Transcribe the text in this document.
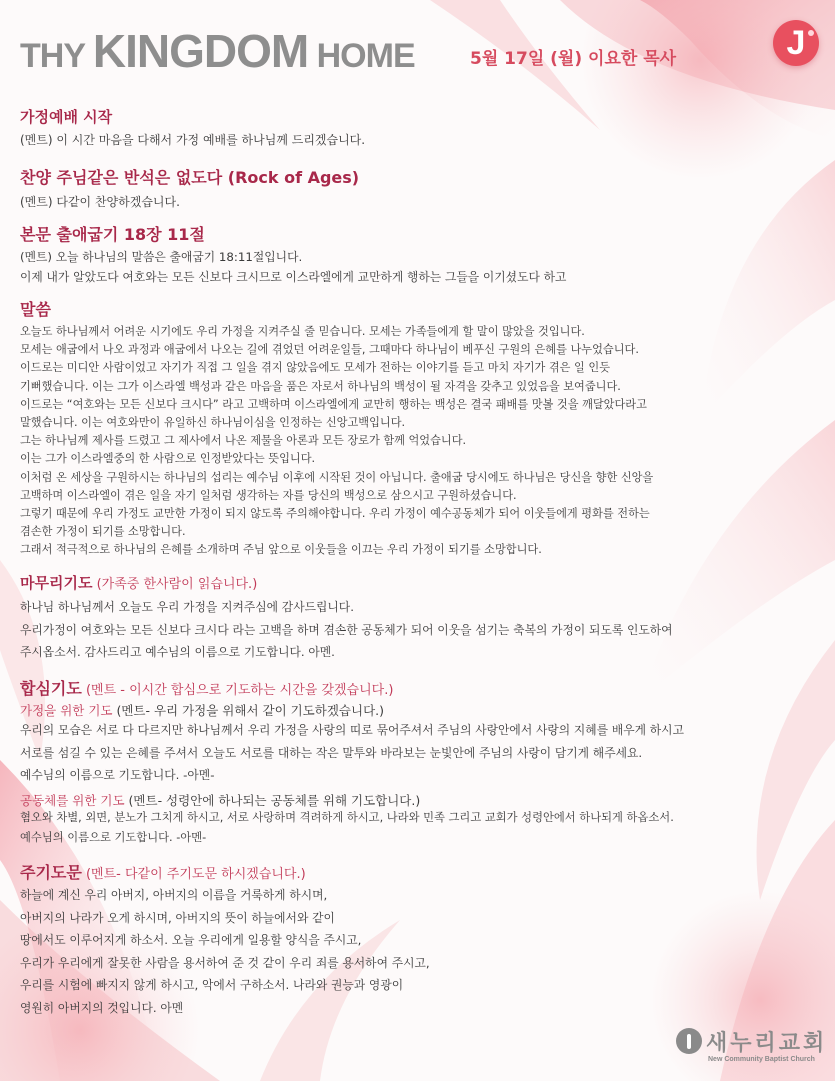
THY KINGDOM HOME	5월 17일 (월) 이요한 목사	J
가정예배 시작
(멘트) 이 시간 마음을 다해서 가정 예배를 하나님께 드리겠습니다.
찬양 주님같은 반석은 없도다 (Rock of Ages)
(멘트) 다같이 찬양하겠습니다.
본문 출애굽기 18장 11절
(멘트) 오늘 하나님의 말씀은 출애굽기 18:11절입니다.
이제 내가 알았도다 여호와는 모든 신보다 크시므로 이스라엘에게 교만하게 행하는 그들을 이기셨도다 하고
말씀
오늘도 하나님께서 어려운 시기에도 우리 가정을 지켜주실 줄 믿습니다. 모세는 가족들에게 할 말이 많았을 것입니다.
모세는 애굽에서 나오 과정과 애굽에서 나오는 길에 겪었던 어려운일들, 그때마다 하나님이 베푸신 구원의 은혜를 나누었습니다.
이드로는 미디안 사람이었고 자기가 직접 그 일을 겪지 않았음에도 모세가 전하는 이야기를 듣고 마치 자기가 겪은 일 인듯
기뻐했습니다. 이는 그가 이스라엘 백성과 같은 마음을 품은 자로서 하나님의 백성이 될 자격을 갖추고 있었음을 보여줍니다.
이드로는 “여호와는 모든 신보다 크시다” 라고 고백하며 이스라엘에게 교만히 행하는 백성은 결국 패배를 맛볼 것을 깨달았다라고
말했습니다. 이는 여호와만이 유일하신 하나님이심을 인정하는 신앙고백입니다.
그는 하나님께 제사를 드렸고 그 제사에서 나온 제물을 아론과 모든 장로가 함께 억었습니다.
이는 그가 이스라엘중의 한 사람으로 인정받았다는 뜻입니다.
이처럼 온 세상을 구원하시는 하나님의 섭리는 예수님 이후에 시작된 것이 아닙니다. 출애굽 당시에도 하나님은 당신을 향한 신앙을
고백하며 이스라엘이 겪은 일을 자기 일처럼 생각하는 자를 당신의 백성으로 삼으시고 구원하셨습니다.
그렇기 때문에 우리 가정도 교만한 가정이 되지 않도록 주의해야합니다. 우리 가정이 예수공동체가 되어 이웃들에게 평화를 전하는
겸손한 가정이 되기를 소망합니다.
그래서 적극적으로 하나님의 은혜를 소개하며 주님 앞으로 이웃들을 이끄는 우리 가정이 되기를 소망합니다.
마무리기도 (가족중 한사람이 읽습니다.)
하나님 하나님께서 오늘도 우리 가정을 지켜주심에 감사드립니다.
우리가정이 여호와는 모든 신보다 크시다 라는 고백을 하며 겸손한 공동체가 되어 이웃을 섬기는 축복의 가정이 되도록 인도하여
주시옵소서. 감사드리고 예수님의 이름으로 기도합니다. 아멘.
합심기도 (멘트 - 이시간 합심으로 기도하는 시간을 갖겠습니다.)
가정을 위한 기도 (멘트- 우리 가정을 위해서 같이 기도하겠습니다.)
우리의 모습은 서로 다 다르지만 하나님께서 우리 가정을 사랑의 띠로 묶어주셔서 주님의 사랑안에서 사랑의 지혜를 배우게 하시고
서로를 섬길 수 있는 은혜를 주셔서 오늘도 서로를 대하는 작은 말투와 바라보는 눈빛안에 주님의 사랑이 담기게 해주세요.
예수님의 이름으로 기도합니다. -아멘-
공동체를 위한 기도 (멘트- 성령안에 하나되는 공동체를 위해 기도합니다.)
혐오와 차별, 외면, 분노가 그치게 하시고, 서로 사랑하며 격려하게 하시고, 나라와 민족 그리고 교회가 성령안에서 하나되게 하옵소서.
예수님의 이름으로 기도합니다. -아멘-
주기도문 (멘트- 다같이 주기도문 하시겠습니다.)
하늘에 계신 우리 아버지, 아버지의 이름을 거룩하게 하시며,
아버지의 나라가 오게 하시며, 아버지의 뜻이 하늘에서와 같이
땅에서도 이루어지게 하소서. 오늘 우리에게 일용할 양식을 주시고,
우리가 우리에게 잘못한 사람을 용서하여 준 것 같이 우리 죄를 용서하여 주시고,
우리를 시험에 빠지지 않게 하시고, 악에서 구하소서. 나라와 권능과 영광이
영원히 아버지의 것입니다. 아멘
새누리교회
New Community Baptist Church
